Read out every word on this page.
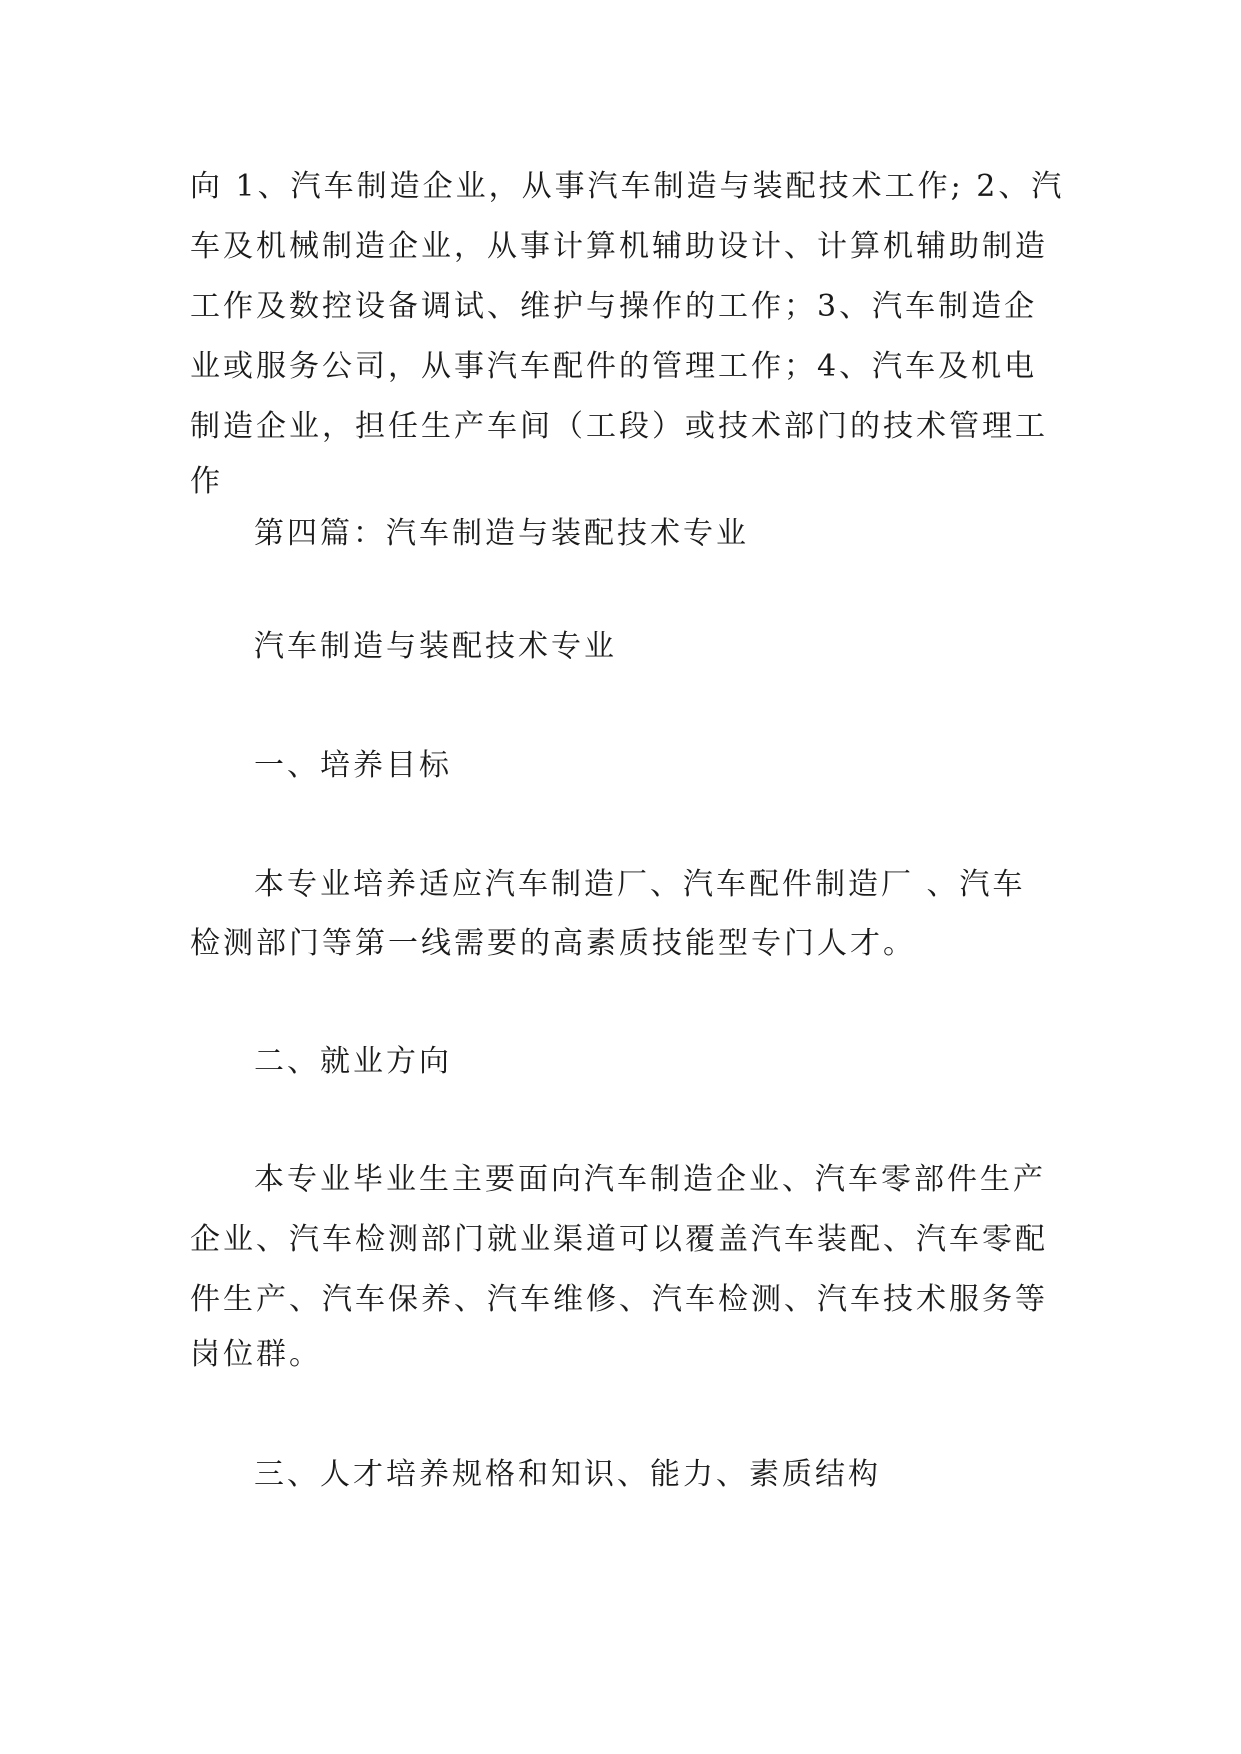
向 1、汽车制造企业，从事汽车制造与装配技术工作; 2、汽
车及机械制造企业，从事计算机辅助设计、计算机辅助制造
工作及数控设备调试、维护与操作的工作；3、汽车制造企
业或服务公司，从事汽车配件的管理工作；4、汽车及机电
制造企业，担任生产车间（工段）或技术部门的技术管理工
作
第四篇：汽车制造与装配技术专业
汽车制造与装配技术专业
一、培养目标
本专业培养适应汽车制造厂、汽车配件制造厂 、汽车
检测部门等第一线需要的高素质技能型专门人才。
二、就业方向
本专业毕业生主要面向汽车制造企业、汽车零部件生产
企业、汽车检测部门就业渠道可以覆盖汽车装配、汽车零配
件生产、汽车保养、汽车维修、汽车检测、汽车技术服务等
岗位群。
三、人才培养规格和知识、能力、素质结构
